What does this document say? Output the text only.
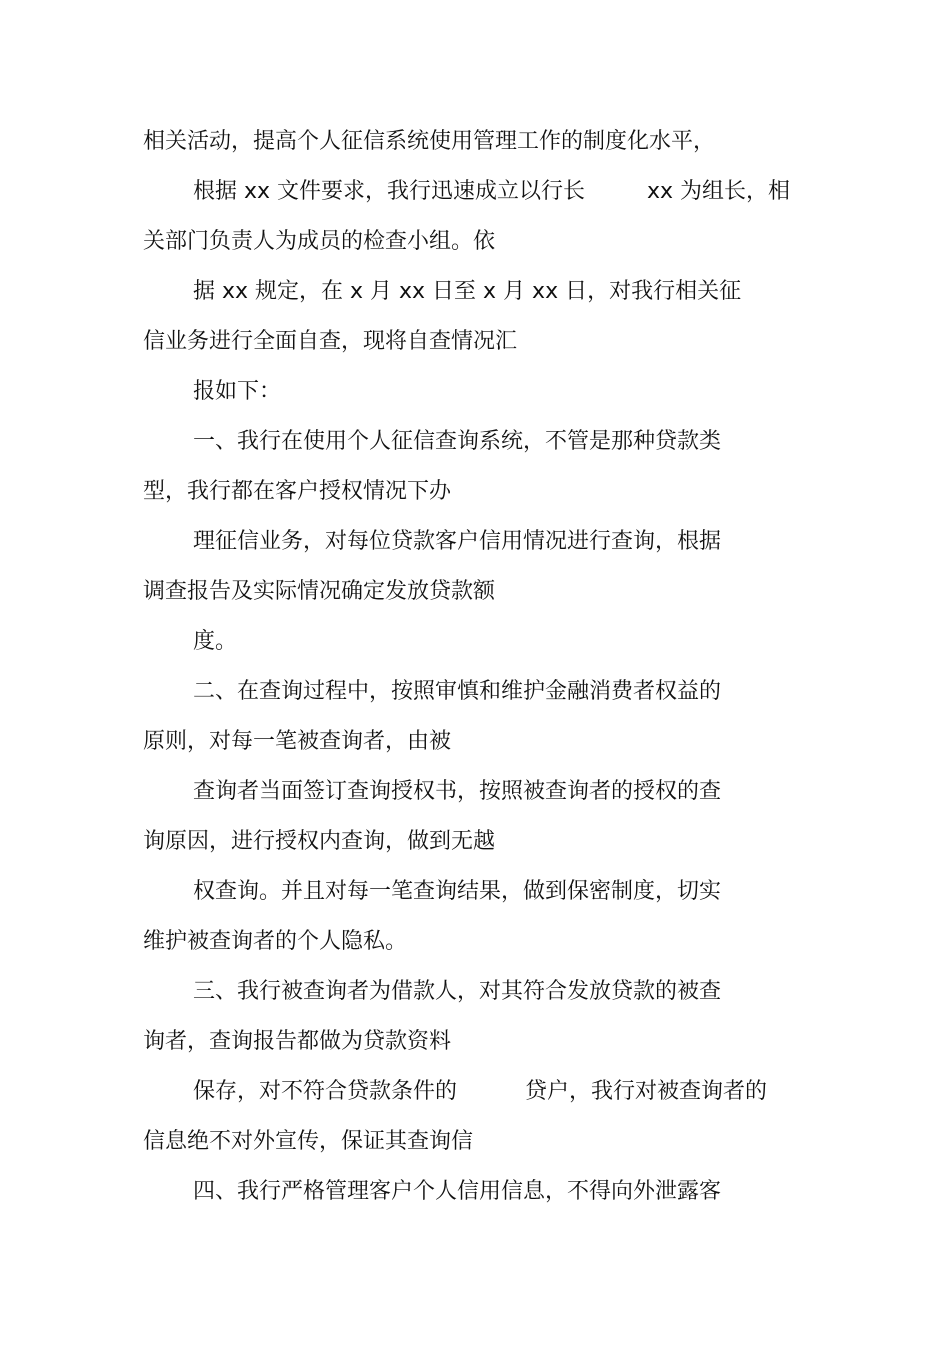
相关活动，提高个人征信系统使用管理工作的制度化水平，
根据 xx 文件要求，我行迅速成立以行长	xx 为组长，相
关部门负责人为成员的检查小组。依
据 xx 规定，在 x 月 xx 日至 x 月 xx 日，对我行相关征
信业务进行全面自查，现将自查情况汇
报如下：
一、我行在使用个人征信查询系统，不管是那种贷款类
型，我行都在客户授权情况下办
理征信业务，对每位贷款客户信用情况进行查询，根据
调查报告及实际情况确定发放贷款额
度。
二、在查询过程中，按照审慎和维护金融消费者权益的
原则，对每一笔被查询者，由被
查询者当面签订查询授权书，按照被查询者的授权的查
询原因，进行授权内查询，做到无越
权查询。并且对每一笔查询结果，做到保密制度，切实
维护被查询者的个人隐私。
三、我行被查询者为借款人，对其符合发放贷款的被查
询者，查询报告都做为贷款资料
保存，对不符合贷款条件的	贷户，我行对被查询者的
信息绝不对外宣传，保证其查询信
四、我行严格管理客户个人信用信息，不得向外泄露客
